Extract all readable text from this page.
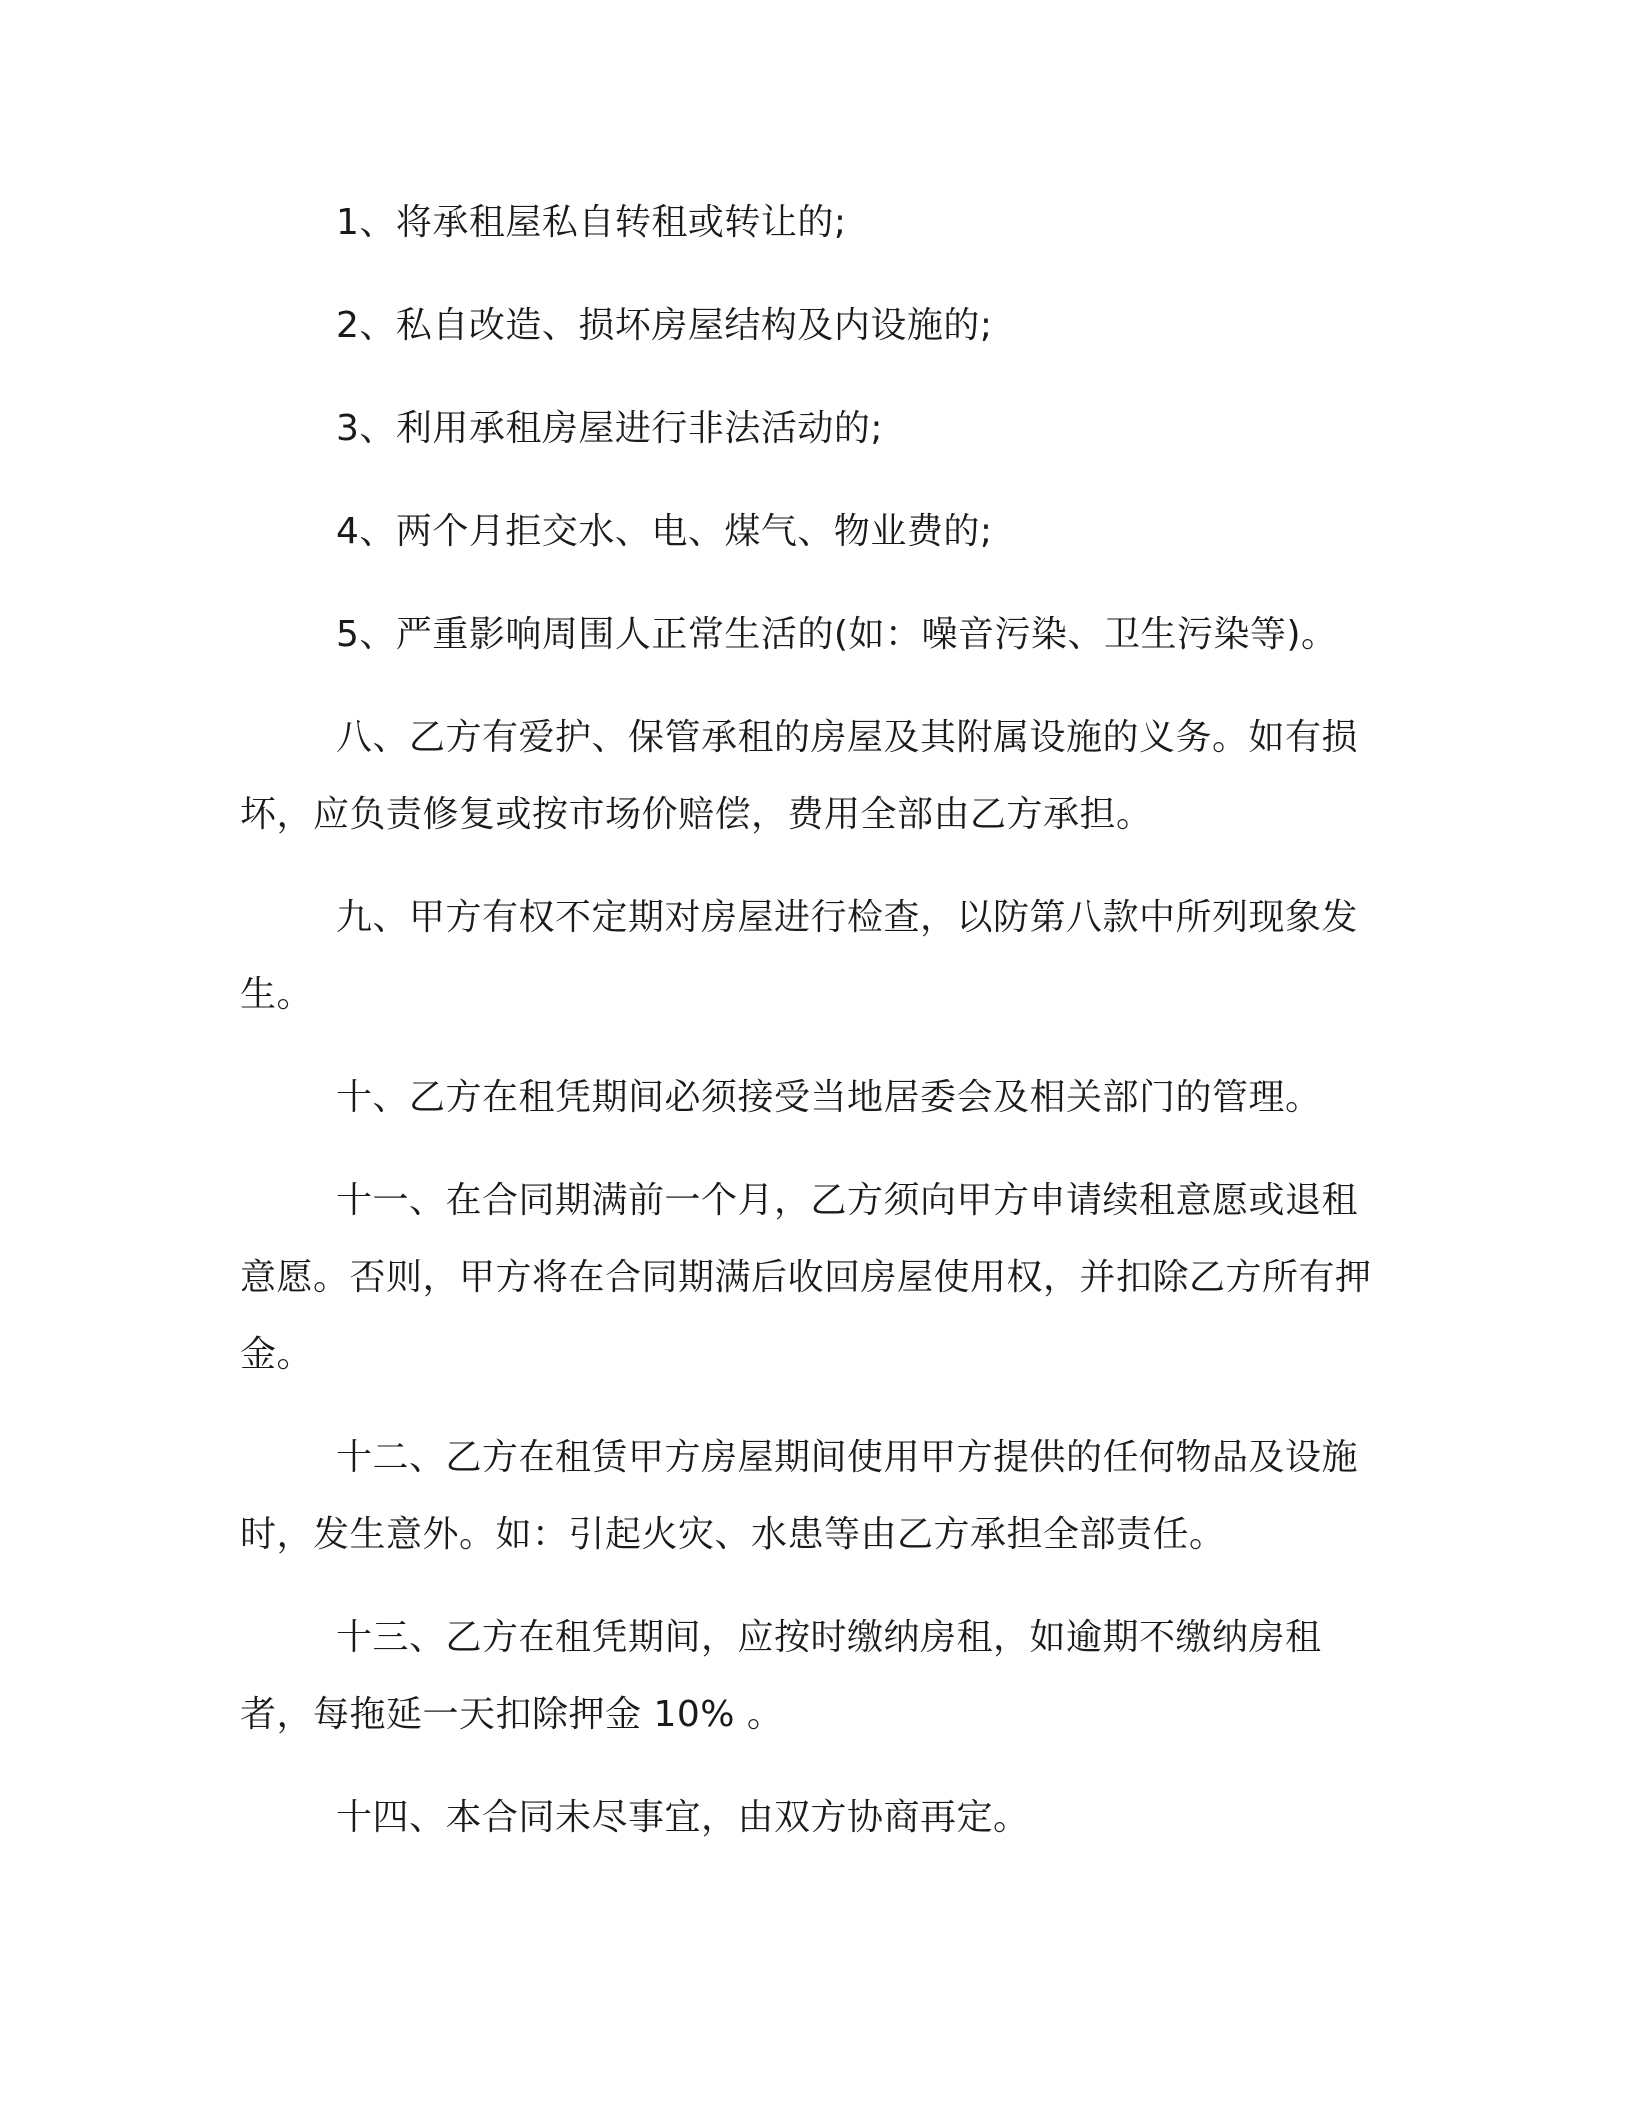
1、将承租屋私自转租或转让的;

2、私自改造、损坏房屋结构及内设施的;

3、利用承租房屋进行非法活动的;

4、两个月拒交水、电、煤气、物业费的;

5、严重影响周围人正常生活的(如：噪音污染、卫生污染等)。

八、乙方有爱护、保管承租的房屋及其附属设施的义务。如有损坏，应负责修复或按市场价赔偿，费用全部由乙方承担。

九、甲方有权不定期对房屋进行检查，以防第八款中所列现象发生。

十、乙方在租凭期间必须接受当地居委会及相关部门的管理。

十一、在合同期满前一个月，乙方须向甲方申请续租意愿或退租意愿。否则，甲方将在合同期满后收回房屋使用权，并扣除乙方所有押金。

十二、乙方在租赁甲方房屋期间使用甲方提供的任何物品及设施时，发生意外。如：引起火灾、水患等由乙方承担全部责任。

十三、乙方在租凭期间，应按时缴纳房租，如逾期不缴纳房租者，每拖延一天扣除押金 10% 。

十四、本合同未尽事宜，由双方协商再定。
